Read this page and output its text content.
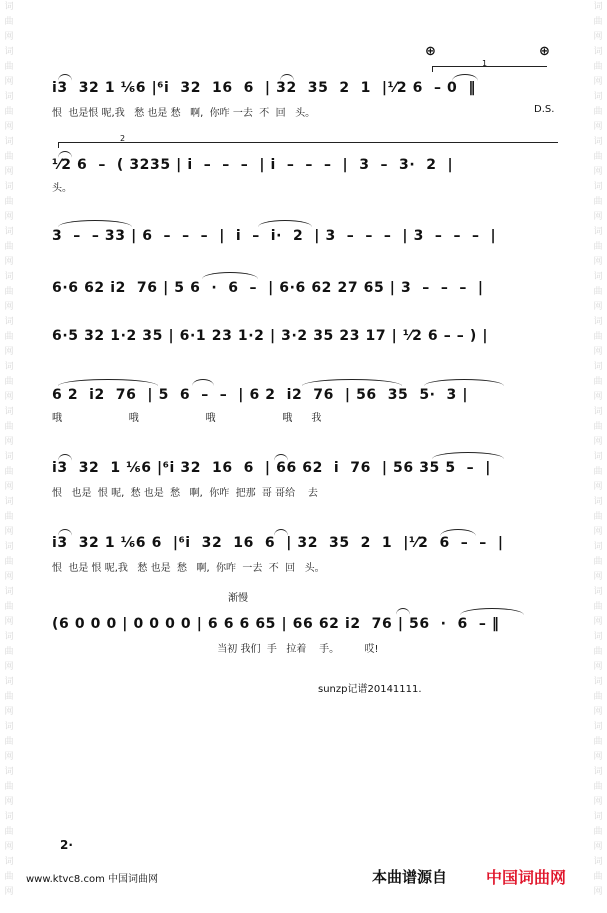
词曲网词曲网词曲网词曲网词曲网词曲网词曲网词曲网词曲网词曲网词曲网词曲网词曲网词曲网词曲网词曲网词曲网词曲网词曲网词曲网
词曲网词曲网词曲网词曲网词曲网词曲网词曲网词曲网词曲网词曲网词曲网词曲网词曲网词曲网词曲网词曲网词曲网词曲网词曲网词曲网
⊕	⊕
1
D.S.
i3  32 1 ⅙6 |⁶i  32  16  6  | 32  35  2  1  |⅟2 6  – 0  ‖
恨  也是恨 呢,我   愁 也是 愁   啊,  你咋 一去  不  回   头。
2
⅟2 6  –  ( 3235 | i  –  –  –  | i  –  –  –  |  3  –  3·  2  |
头。
3  –  – 33 | 6  –  –  –  |  i  –  i·  2  | 3  –  –  –  | 3  –  –  –  |
6·6 62 i2  76 | 5 6  ·  6  –  | 6·6 62 27 65 | 3  –  –  –  |
6·5 32 1·2 35 | 6·1 23 1·2 | 3·2 35 23 17 | ⅟2 6 – – ) |
6 2  i2  76  | 5  6  –  –  | 6 2  i2  76  | 56  35  5·  3 |
哦                     哦                     哦                     哦      我
i3  32  1 ⅙6 |⁶i 32  16  6  | 66 62  i  76  | 56 35 5  –  |
恨   也是  恨 呢,  愁 也是  愁   啊,  你咋  把那  哥 哥给    去
i3  32 1 ⅙6 6  |⁶i  32  16  6  | 32  35  2  1  |⅟2  6  –  –  |
恨  也是 恨 呢,我   愁 也是  愁   啊,  你咋  一去  不  回   头。
渐慢
(6 0 0 0 | 0 0 0 0 | 6 6 6 65 | 66 62 i2  76 | 56  ·  6  – ‖
当初 我们  手   拉着    手。        哎!
sunzp记谱20141111.
2·
www.ktvc8.com 中国词曲网	本曲谱源自 中国词曲网
